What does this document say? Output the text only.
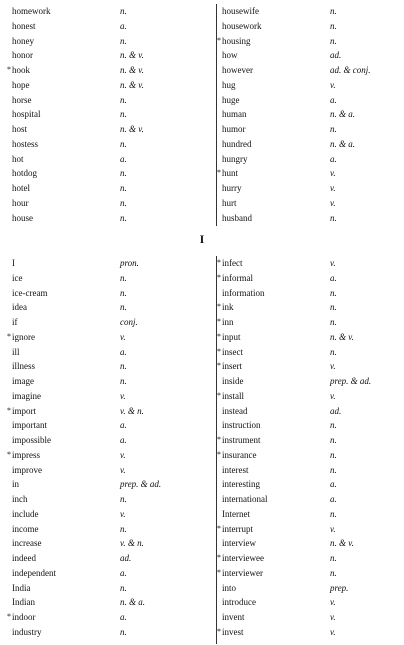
homework	n.
honest	a.
honey	n.
honor	n. & v.
* hook	n. & v.
hope	n. & v.
horse	n.
hospital	n.
host	n. & v.
hostess	n.
hot	a.
hotdog	n.
hotel	n.
hour	n.
house	n.
housewife	n.
housework	n.
* housing	n.
how	ad.
however	ad. & conj.
hug	v.
huge	a.
human	n. & a.
humor	n.
hundred	n. & a.
hungry	a.
* hunt	v.
hurry	v.
hurt	v.
husband	n.
I
I	pron.
ice	n.
ice-cream	n.
idea	n.
if	conj.
* ignore	v.
ill	a.
illness	n.
image	n.
imagine	v.
* import	v. & n.
important	a.
impossible	a.
* impress	v.
improve	v.
in	prep. & ad.
inch	n.
include	v.
income	n.
increase	v. & n.
indeed	ad.
independent	a.
India	n.
Indian	n. & a.
* indoor	a.
industry	n.
* infect	v.
* informal	a.
information	n.
* ink	n.
* inn	n.
* input	n. & v.
* insect	n.
* insert	v.
inside	prep. & ad.
* install	v.
instead	ad.
instruction	n.
* instrument	n.
* insurance	n.
interest	n.
interesting	a.
international	a.
Internet	n.
* interrupt	v.
interview	n. & v.
* interviewee	n.
* interviewer	n.
into	prep.
introduce	v.
invent	v.
* invest	v.
